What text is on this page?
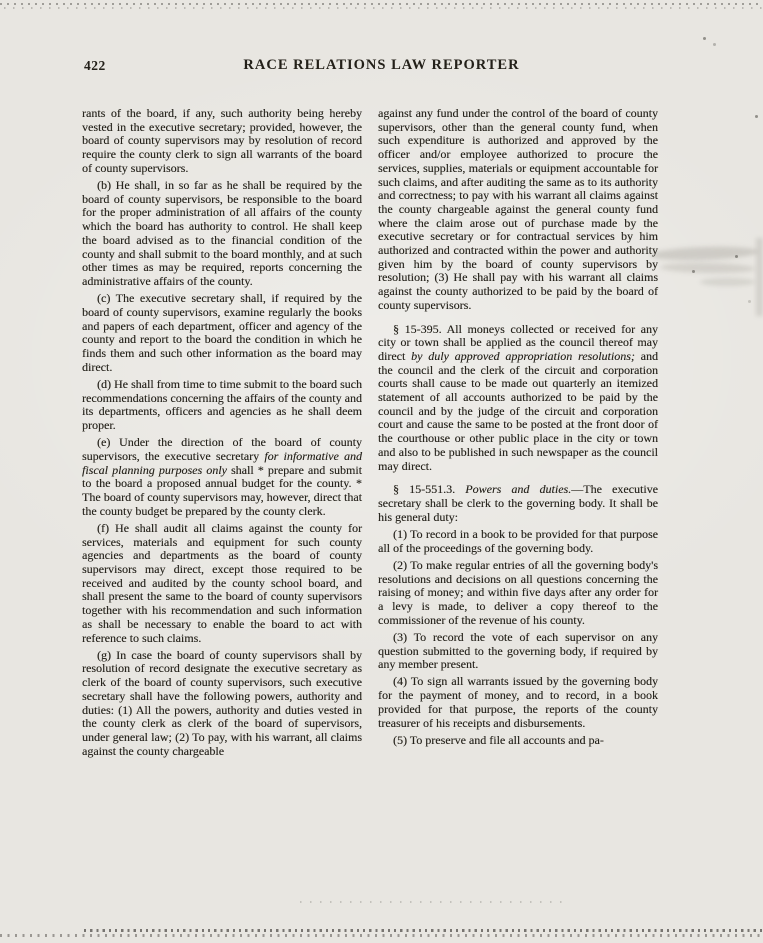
422	RACE RELATIONS LAW REPORTER

rants of the board, if any, such authority being hereby vested in the executive secretary; provided, however, the board of county supervisors may by resolution of record require the county clerk to sign all warrants of the board of county supervisors.

(b) He shall, in so far as he shall be required by the board of county supervisors, be responsible to the board for the proper administration of all affairs of the county which the board has authority to control. He shall keep the board advised as to the financial condition of the county and shall submit to the board monthly, and at such other times as may be required, reports concerning the administrative affairs of the county.

(c) The executive secretary shall, if required by the board of county supervisors, examine regularly the books and papers of each department, officer and agency of the county and report to the board the condition in which he finds them and such other information as the board may direct.

(d) He shall from time to time submit to the board such recommendations concerning the affairs of the county and its departments, officers and agencies as he shall deem proper.

(e) Under the direction of the board of county supervisors, the executive secretary for informative and fiscal planning purposes only shall * prepare and submit to the board a proposed annual budget for the county. * The board of county supervisors may, however, direct that the county budget be prepared by the county clerk.

(f) He shall audit all claims against the county for services, materials and equipment for such county agencies and departments as the board of county supervisors may direct, except those required to be received and audited by the county school board, and shall present the same to the board of county supervisors together with his recommendation and such information as shall be necessary to enable the board to act with reference to such claims.

(g) In case the board of county supervisors shall by resolution of record designate the executive secretary as clerk of the board of county supervisors, such executive secretary shall have the following powers, authority and duties: (1) All the powers, authority and duties vested in the county clerk as clerk of the board of supervisors, under general law; (2) To pay, with his warrant, all claims against the county chargeable

against any fund under the control of the board of county supervisors, other than the general county fund, when such expenditure is authorized and approved by the officer and/or employee authorized to procure the services, supplies, materials or equipment accountable for such claims, and after auditing the same as to its authority and correctness; to pay with his warrant all claims against the county chargeable against the general county fund where the claim arose out of purchase made by the executive secretary or for contractual services by him authorized and contracted within the power and authority given him by the board of county supervisors by resolution; (3) He shall pay with his warrant all claims against the county authorized to be paid by the board of county supervisors.

§ 15-395. All moneys collected or received for any city or town shall be applied as the council thereof may direct by duly approved appropriation resolutions; and the council and the clerk of the circuit and corporation courts shall cause to be made out quarterly an itemized statement of all accounts authorized to be paid by the council and by the judge of the circuit and corporation court and cause the same to be posted at the front door of the courthouse or other public place in the city or town and also to be published in such newspaper as the council may direct.

§ 15-551.3. Powers and duties.—The executive secretary shall be clerk to the governing body. It shall be his general duty:

(1) To record in a book to be provided for that purpose all of the proceedings of the governing body.

(2) To make regular entries of all the governing body's resolutions and decisions on all questions concerning the raising of money; and within five days after any order for a levy is made, to deliver a copy thereof to the commissioner of the revenue of his county.

(3) To record the vote of each supervisor on any question submitted to the governing body, if required by any member present.

(4) To sign all warrants issued by the governing body for the payment of money, and to record, in a book provided for that purpose, the reports of the county treasurer of his receipts and disbursements.

(5) To preserve and file all accounts and pa-
